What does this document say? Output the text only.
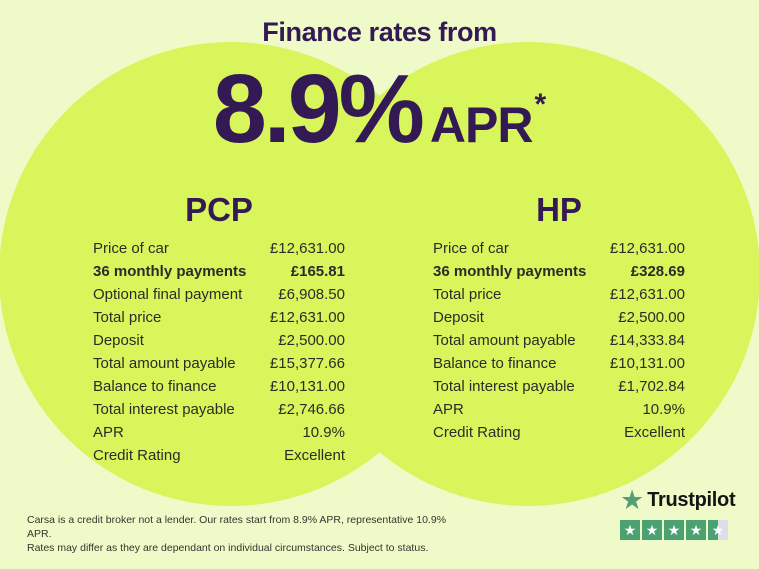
Finance rates from
8.9% APR *
PCP
Price of car	£12,631.00
36 monthly payments	£165.81
Optional final payment £6,908.50
Total price	£12,631.00
Deposit	£2,500.00
Total amount payable £15,377.66
Balance to finance	£10,131.00
Total interest payable	£2,746.66
APR	10.9%
Credit Rating	Excellent
HP
Price of car	£12,631.00
36 monthly payments	£328.69
Total price	£12,631.00
Deposit	£2,500.00
Total amount payable £14,333.84
Balance to finance	£10,131.00
Total interest payable	£1,702.84
APR	10.9%
Credit Rating	Excellent
Carsa is a credit broker not a lender. Our rates start from 8.9% APR, representative 10.9% APR.
Rates may differ as they are dependant on individual circumstances. Subject to status.
★ Trustpilot
★ ★ ★ ★ ★
